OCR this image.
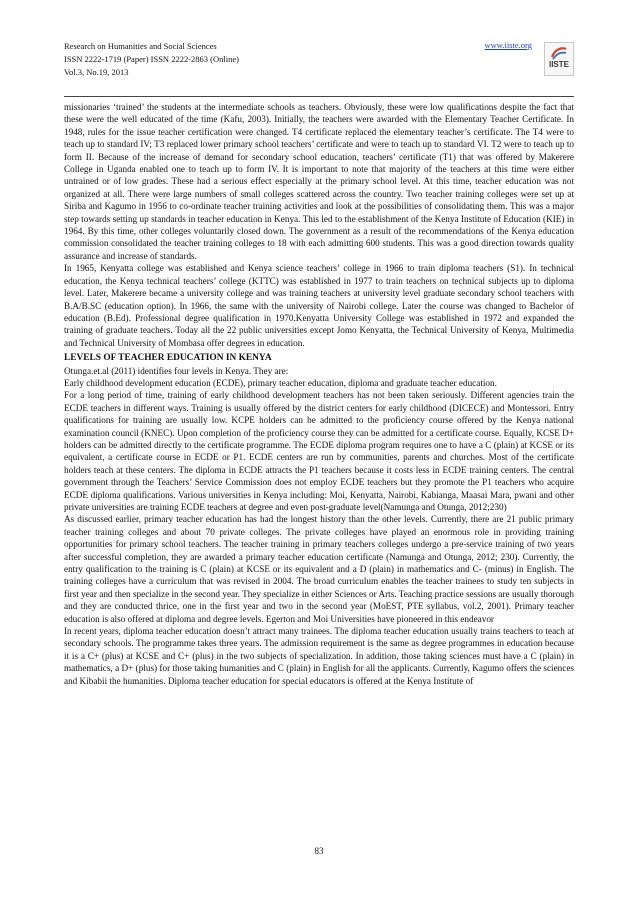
Research on Humanities and Social Sciences
ISSN 2222-1719 (Paper) ISSN 2222-2863 (Online)
Vol.3, No.19, 2013
www.iiste.org
IISTE

missionaries ‘trained’ the students at the intermediate schools as teachers. Obviously, these were low qualifications despite the fact that these were the well educated of the time (Kafu, 2003). Initially, the teachers were awarded with the Elementary Teacher Certificate. In 1948, rules for the issue teacher certification were changed. T4 certificate replaced the elementary teacher’s certificate. The T4 were to teach up to standard IV; T3 replaced lower primary school teachers’ certificate and were to teach up to standard VI. T2 were to teach up to form II. Because of the increase of demand for secondary school education, teachers’ certificate (T1) that was offered by Makerere College in Uganda enabled one to teach up to form IV. It is important to note that majority of the teachers at this time were either untrained or of low grades. These had a serious effect especially at the primary school level. At this time, teacher education was not organized at all. There were large numbers of small colleges scattered across the country. Two teacher training colleges were set up at Siriba and Kagumo in 1956 to co-ordinate teacher training activities and look at the possibilities of consolidating them. This was a major step towards setting up standards in teacher education in Kenya. This led to the establishment of the Kenya Institute of Education (KIE) in 1964. By this time, other colleges voluntarily closed down. The government as a result of the recommendations of the Kenya education commission consolidated the teacher training colleges to 18 with each admitting 600 students. This was a good direction towards quality assurance and increase of standards.

In 1965, Kenyatta college was established and Kenya science teachers’ college in 1966 to train diploma teachers (S1). In technical education, the Kenya technical teachers’ college (KTTC) was established in 1977 to train teachers on technical subjects up to diploma level. Later, Makerere became a university college and was training teachers at university level graduate secondary school teachers with B.A/B.SC (education option). In 1966, the same with the university of Nairobi college. Later the course was changed to Bachelor of education (B.Ed). Professional degree qualification in 1970.Kenyatta University College was established in 1972 and expanded the training of graduate teachers. Today all the 22 public universities except Jomo Kenyatta, the Technical University of Kenya, Multimedia and Technical University of Mombasa offer degrees in education.

LEVELS OF TEACHER EDUCATION IN KENYA

Otunga.et.al (2011) identifies four levels in Kenya. They are:

Early childhood development education (ECDE), primary teacher education, diploma and graduate teacher education.

For a long period of time, training of early childhood development teachers has not been taken seriously. Different agencies train the ECDE teachers in different ways. Training is usually offered by the district centers for early childhood (DICECE) and Montessori. Entry qualifications for training are usually low. KCPE holders can be admitted to the proficiency course offered by the Kenya national examination council (KNEC). Upon completion of the proficiency course they can be admitted for a certificate course. Equally, KCSE D+ holders can be admitted directly to the certificate programme. The ECDE diploma program requires one to have a C (plain) at KCSE or its equivalent, a certificate course in ECDE or P1. ECDE centers are run by communities, parents and churches. Most of the certificate holders teach at these centers. The diploma in ECDE attracts the P1 teachers because it costs less in ECDE training centers. The central government through the Teachers’ Service Commission does not employ ECDE teachers but they promote the P1 teachers who acquire ECDE diploma qualifications. Various universities in Kenya including: Moi, Kenyatta, Nairobi, Kabianga, Maasai Mara, pwani and other private universities are training ECDE teachers at degree and even post-graduate level(Namunga and Otunga, 2012;230)

As discussed earlier, primary teacher education has had the longest history than the other levels. Currently, there are 21 public primary teacher training colleges and about 70 private colleges. The private colleges have played an enormous role in providing training opportunities for primary school teachers. The teacher training in primary teachers colleges undergo a pre-service training of two years after successful completion, they are awarded a primary teacher education certificate (Namunga and Otunga, 2012; 230). Currently, the entry qualification to the training is C (plain) at KCSE or its equivalent and a D (plain) in mathematics and C- (minus) in English. The training colleges have a curriculum that was revised in 2004. The broad curriculum enables the teacher trainees to study ten subjects in first year and then specialize in the second year. They specialize in either Sciences or Arts. Teaching practice sessions are usually thorough and they are conducted thrice, one in the first year and two in the second year (MoEST, PTE syllabus, vol.2, 2001). Primary teacher education is also offered at diploma and degree levels. Egerton and Moi Universities have pioneered in this endeavor

In recent years, diploma teacher education doesn’t attract many trainees. The diploma teacher education usually trains teachers to teach at secondary schools. The programme takes three years. The admission requirement is the same as degree programmes in education because it is a C+ (plus) at KCSE and C+ (plus) in the two subjects of specialization. In addition, those taking sciences must have a C (plain) in mathematics, a D+ (plus) for those taking humanities and C (plain) in English for all the applicants. Currently, Kagumo offers the sciences and Kibabii the humanities. Diploma teacher education for special educators is offered at the Kenya Institute of

83
